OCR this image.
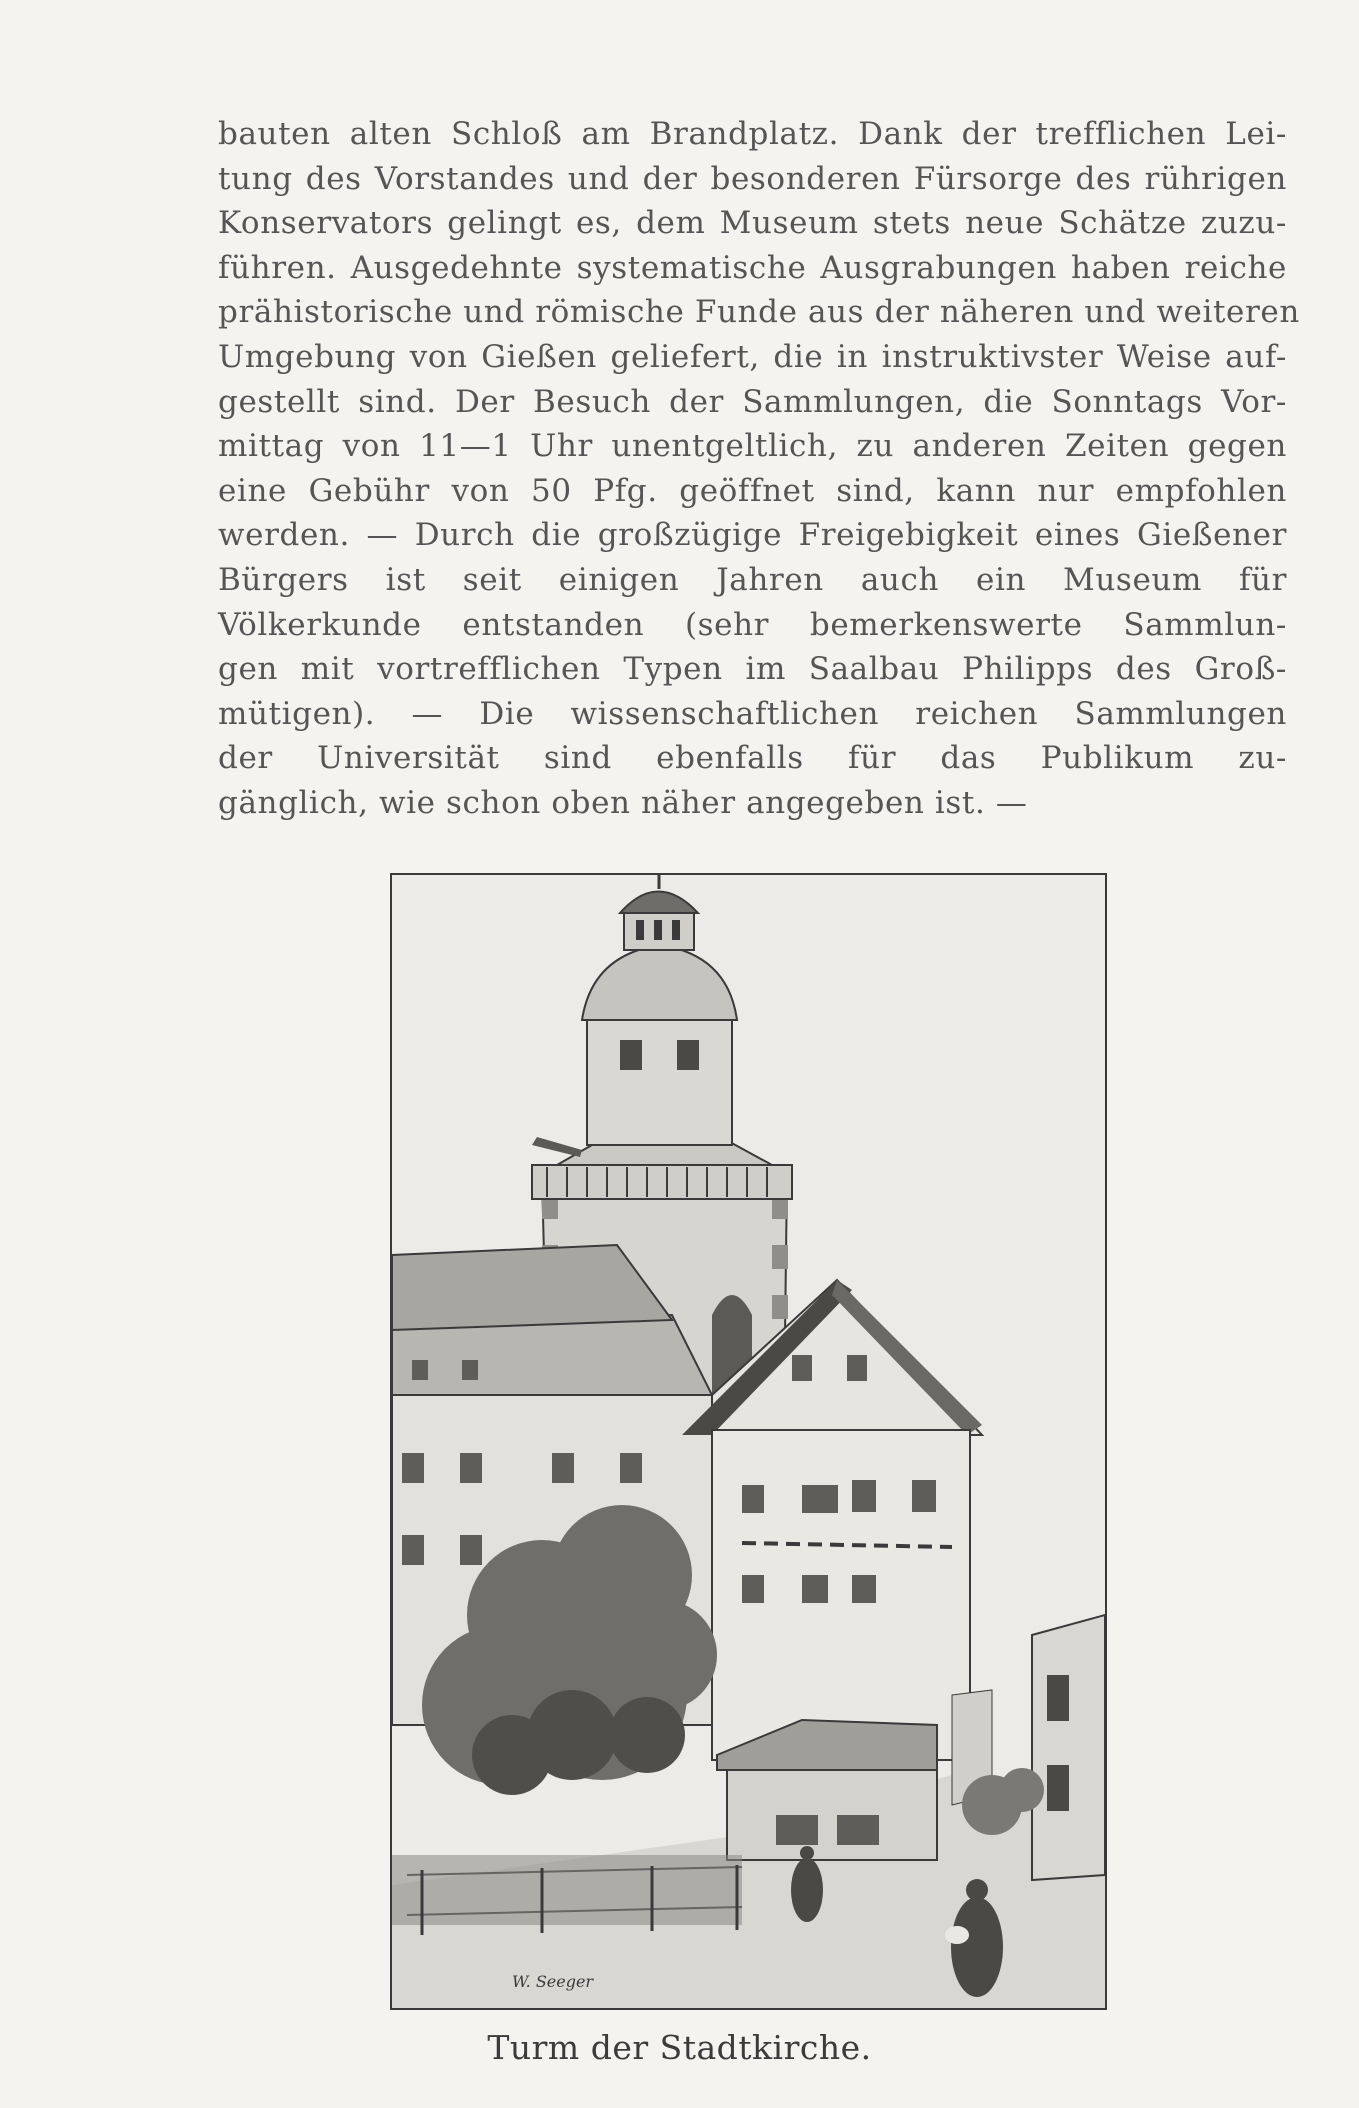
bauten alten Schloß am Brandplatz. Dank der trefflichen Lei-
tung des Vorstandes und der besonderen Fürsorge des rührigen
Konservators gelingt es, dem Museum stets neue Schätze zuzu-
führen. Ausgedehnte systematische Ausgrabungen haben reiche
prähistorische und römische Funde aus der näheren und weiteren
Umgebung von Gießen geliefert, die in instruktivster Weise auf-
gestellt sind. Der Besuch der Sammlungen, die Sonntags Vor-
mittag von 11—1 Uhr unentgeltlich, zu anderen Zeiten gegen
eine Gebühr von 50 Pfg. geöffnet sind, kann nur empfohlen
werden. — Durch die großzügige Freigebigkeit eines Gießener
Bürgers ist seit einigen Jahren auch ein Museum für
Völkerkunde entstanden (sehr bemerkenswerte Sammlun-
gen mit vortrefflichen Typen im Saalbau Philipps des Groß-
mütigen). — Die wissenschaftlichen reichen Sammlungen
der Universität sind ebenfalls für das Publikum zu-
gänglich, wie schon oben näher angegeben ist. —
W. Seeger
Turm der Stadtkirche.
